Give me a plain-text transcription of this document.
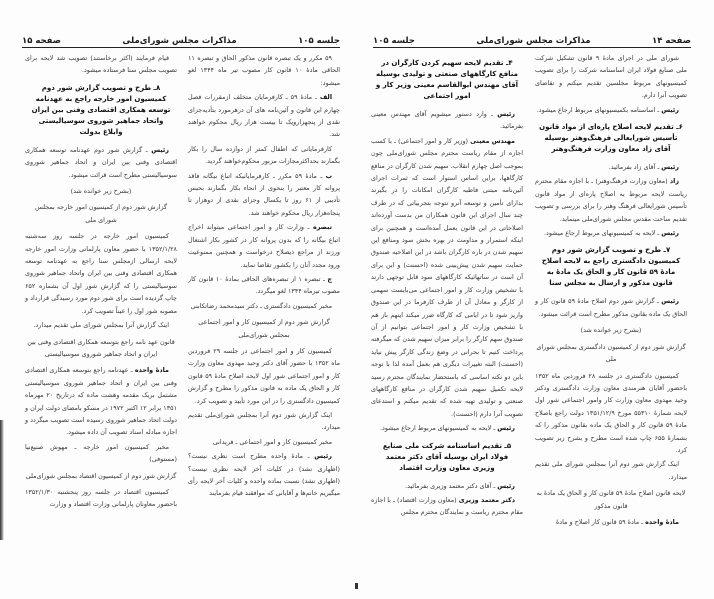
جلسه ۱۰۵
مذاکرات مجلس شورای‌ملی
صفحه ۱۵
۵۹ مکرر و یک تبصره قانون مذکور الحاق و تبصره ۱۱ الحاقی مادهٔ ۱۰ قانون کار مصوب تیر ماه ۱۳۴۴ لغو میشود:
الف ـ مادهٔ ۵۹ ـ کارفرمایان متخلف ازمقررات فصل چهارم این قانون و آئین‌نامه های آن درهرمورد بتأدیه‌جزای نقدی از پنجهزارویک تا بیست هزار ریال محکوم خواهند شد.
کارفرمایانی که اطفال کمتر از دوازده سال را بکار بگمارند بحداکثرمجازات مزبور محکوم‌خواهند گردید.
ب ـ مادهٔ ۵۹ مکرر ـ کارفرمایانیکه اتباع بیگانه فاقد پروانه کار معتبر را بنحوی از انحاء بکار بگمارند بحبس تأدیبی از ۶۱ روز تا یکسال وجزای نقدی از دوهزار تا پنجاه‌هزار ریال محکوم خواهند شد.
تبصره ـ وزارت کار و امور اجتماعی میتواند اخراج اتباع بیگانه را که بدون پروانه کار در کشور بکار اشتغال ورزند از مراجع ذیصلاح درخواست و همچنین ممنوعیت ورود مجدد آنان را بکشور تقاضا نماید.
ج ـ تبصره ۱ از تبصره‌های الحاقی بمادهٔ ۱۰ قانون کار مصوب تیرماه ۱۳۴۴ لغو میگردد.
مخبر کمیسیون دادگستری ـ دکتر سیدمحمد رضاتکابنی
گزارش شور دوم از کمیسیون کار و امور اجتماعی بمجلس شورای‌ملی
کمیسیون کار و امور اجتماعی در جلسه ۲۹ فروردین ماه ۱۳۵۲ با حضور آقای دکتر وحید مهدوی معاون وزارت کار و امور اجتماعی شور اول لایحه اصلاح مادهٔ ۵۹ قانون کار و الحاق یک ماده به قانون مذکور را مطرح و گزارش کمیسیون دادگستری را در این مورد تأیید و تصویب کرد.
اینک گزارش شور دوم آنرا بمجلس شورای‌ملی تقدیم میدارد.
مخبر کمیسیون کار و امور اجتماعی ـ فریدانی
رئیس ـ مادهٔ واحده مطرح است نظری نیست؟ (اظهاری نشد) در کلیات آخر لایحه نظری نیست؟ (اظهاری نشد) نسبت بماده واحده و کلیات آخر لایحه رأی میگیریم خانم‌ها و آقایانی که موافقند قیام بفرمایند
قیام فرمایند (اکثر برخاستند) تصویب شد لایحه برای تصویب مجلس سنا فرستاده میشود.
۸ـ طرح و تصویب گزارش شور دوم کمیسیون امور خارجه راجع به عهدنامه توسعه همکاری اقتصادی وفنی بین ایران واتحاد جماهیر شوروی سوسیالیستی وابلاغ بدولت
رئیس ـ گزارش شور دوم عهدنامه توسعه همکاری اقتصادی وفنی بین ایران و اتحاد جماهیر شوروی سوسیالیستی مطرح است قرائت میشود.
(بشرح زیر خوانده شد)
گزارش شور دوم از کمیسیون امور خارجه بمجلس شورای ملی
کمیسیون امور خارجه در جلسه روز سه‌شنبه ۱۳۵۲/۱/۲۸ با حضور معاون پارلمانی وزارت امور خارجه لایحه ارسالی ازمجلس سنا راجع به عهدنامه توسعه همکاری اقتصادی وفنی بین ایران واتحاد جماهیر شوروی سوسیالیستی را که گزارش شور اول آن بشماره ۶۵۲ چاپ گردیده است برای شور دوم مورد رسیدگی قرارداد و مصوبه شور اول را عیناً تصویب کرد.
اینک گزارش آنرا بمجلس شورای ملی تقدیم میدارد.
قانون عهد نامه راجع بتوسعه همکاری اقتصادی وفنی بین ایران و اتحاد جماهیر شوروی سوسیالیستی
مادهٔ واحده ـ عهدنامه راجع بتوسعه همکاری اقتصادی وفنی بین ایران و اتحاد جماهیر شوروی سوسیالیستی مشتمل بریک مقدمه وهشت ماده که درتاریخ ۲۰ مهرماه ۱۳۵۱ برابر ۱۲ اکتبر ۱۹۷۲ در مسکو بامضای دولت ایران و دولت اتحاد جماهیر شوروی رسیده است تصویب میگردد و اجازه مبادله اسناد تصویب آن داده میشود.
مخبر کمیسیون امور خارجه ـ مهوش صنیع‌نیا (مستوفی)
گزارش شور دوم از کمیسیون اقتصاد بمجلس شورای‌ملی
کمیسیون اقتصاد در جلسه روز پنجشنبه ۱۳۵۲/۱/۳۰ باحضور معاونان پارلمانی وزارت اقتصاد و وزارت
صفحه ۱۴
مذاکرات مجلس شورای‌ملی
جلسه ۱۰۵
شورای ملی در اجرای مادهٔ ۹ قانون تشکیل شرکت ملی صنایع فولاد ایران اساسنامه شرکت را برای تصویب کمیسیونهای مربوط مجلسین تقدیم میکنم و تقاضای تصویب آنرا دارم.
رئیس ـ اساسنامه بکمیسیونهای مربوط ارجاع میشود.
۶ـ تقدیم لایحه اصلاح پاره‌ای از مواد قانون تأسیس شورایعالی فرهنگ‌وهنر بوسیله آقای زاد معاون وزارت فرهنگ‌وهنر
رئیس ـ آقای زاد بفرمائید.
زاد (معاون وزارت فرهنگ‌وهنر) ـ با اجازه مقام محترم ریاست لایحه مربوط به اصلاح پاره‌ای از مواد قانون تأسیس شورایعالی فرهنگ وهنر را برای بررسی و تصویب تقدیم ساحت مقدس مجلس شورای‌ملی مینماید.
رئیس ـ لایحه به کمیسیونهای مربوط ارجاع میشود.
۷ـ طرح و تصویب گزارش شور دوم کمیسیون دادگستری راجع به لایحه اصلاح مادهٔ ۵۹ قانون کار و الحاق یک مادهٔ به قانون مذکور و ارسال به مجلس سنا
رئیس ـ گزارش شور دوم اصلاح مادهٔ ۵۹ قانون کار و الحاق یک ماده بقانون مذکور مطرح است قرائت میشود.
(بشرح زیر خوانده شد)
گزارش شور دوم از کمیسیون دادگستری بمجلس شورای ملی
کمیسیون دادگستری در جلسه ۲۸ فروردین ماه ۱۳۵۲ باحضور آقایان هنرمندی معاون وزارت دادگستری ودکتر وحید مهدوی معاون وزارت کار وامور اجتماعی شور اول لایحه شمارهٔ ۵۵۳۱۰ مورخ ۱۳۵۱/۱۲/۹ دولت راجع باصلاح مادهٔ ۵۹ قانون کار و الحاق یک ماده بقانون مذکور را که بشمارهٔ ۶۵۵ چاپ شده است مطرح و بشرح زیر تصویب کرد.
اینک گزارش شور دوم آنرا بمجلس شورای ملی تقدیم میدارد.
لایحه قانون اصلاح مادهٔ ۵۹ قانون کار و الحاق یک مادهٔ به قانون مذکور
مادهٔ واحده ـ مادهٔ ۵۹ قانون کار اصلاح و مادهٔ
۴ـ تقدیم لایحه سهیم کردن کارگران در منافع کارگاههای صنعتی و تولیدی بوسیله آقای مهندس ابوالقاسم معینی وزیر کار و امور اجتماعی
رئیس ـ وارد دستور میشویم آقای مهندس معینی بفرمائید.
مهندس معینی (وزیر کار و امور اجتماعی) ـ با کسب اجازه از مقام ریاست محترم مجلس شورای‌ملی چون بموجب اصل چهارم انقلاب، سهیم شدن کارگران در منافع کارگاهها، براین اساس استوار است که ثمرات اجرای آئین‌نامه مبتنی فاطبه کارگران امکانات را در بگیرند بدارای تأمین و توسعه آنرو نتوجه بتجربیاتی که در طرف چند سال اجرای این قانون همکاران من بدست آورده‌اند اصلاحاتی در این قانون بعمل آمده‌است و همچنین برای اینکه استمرار و مداومت در بهره بخش سود ومنافع این سهیم شدن در باره کارگران باشد در این اصلاحیه صندوق حمایت سهیم شدن پیش‌بینی شده (احسنت) و این برای آن است در ساتهائیکه کارگاههای سود قابل توجهی دارند با تشخیص وزارت کار و امور اجتماعی می‌بایست سهمی از کارگر و معادل آن از طرف کارفرما در این صندوق واریز شود تا در ایامی که کارگاه ضرر میکند اینهم باز هم با تشخیص وزارت کار و امور اجتماعی بتوانیم از آن صندوق سهم کارگر را برابر میزان سهیم شدن که میگرفته پرداخت کنیم تا بحرانی در وضع زندگی کارگر پیش نیاید (احسنت) البته تغییرات دیگری هم بعمل آمده لذا با توجه باین دو نکته اساسی که باستحضار نمایندگان محترم رسید لایحه تکمیل سهیم شدن کارگران در منافع کارگاههای صنعتی و تولیدی تهیه شده که تقدیم میکنم و استدعای تصویب آنرا دارم (احسنت).
رئیس ـ لایحه به کمیسیونهای مربوط ارجاع میشود.
۵ـ تقدیم اساسنامه شرکت ملی صنایع فولاد ایران بوسیله آقای دکتر معتمد وزیری معاون وزارت اقتصاد
رئیس ـ آقای دکتر معتمد وزیری بفرمائید.
دکتر معتمد وزیری (معاون وزارت اقتصاد) ـ با اجازه مقام محترم ریاست و نمایندگان محترم مجلس
